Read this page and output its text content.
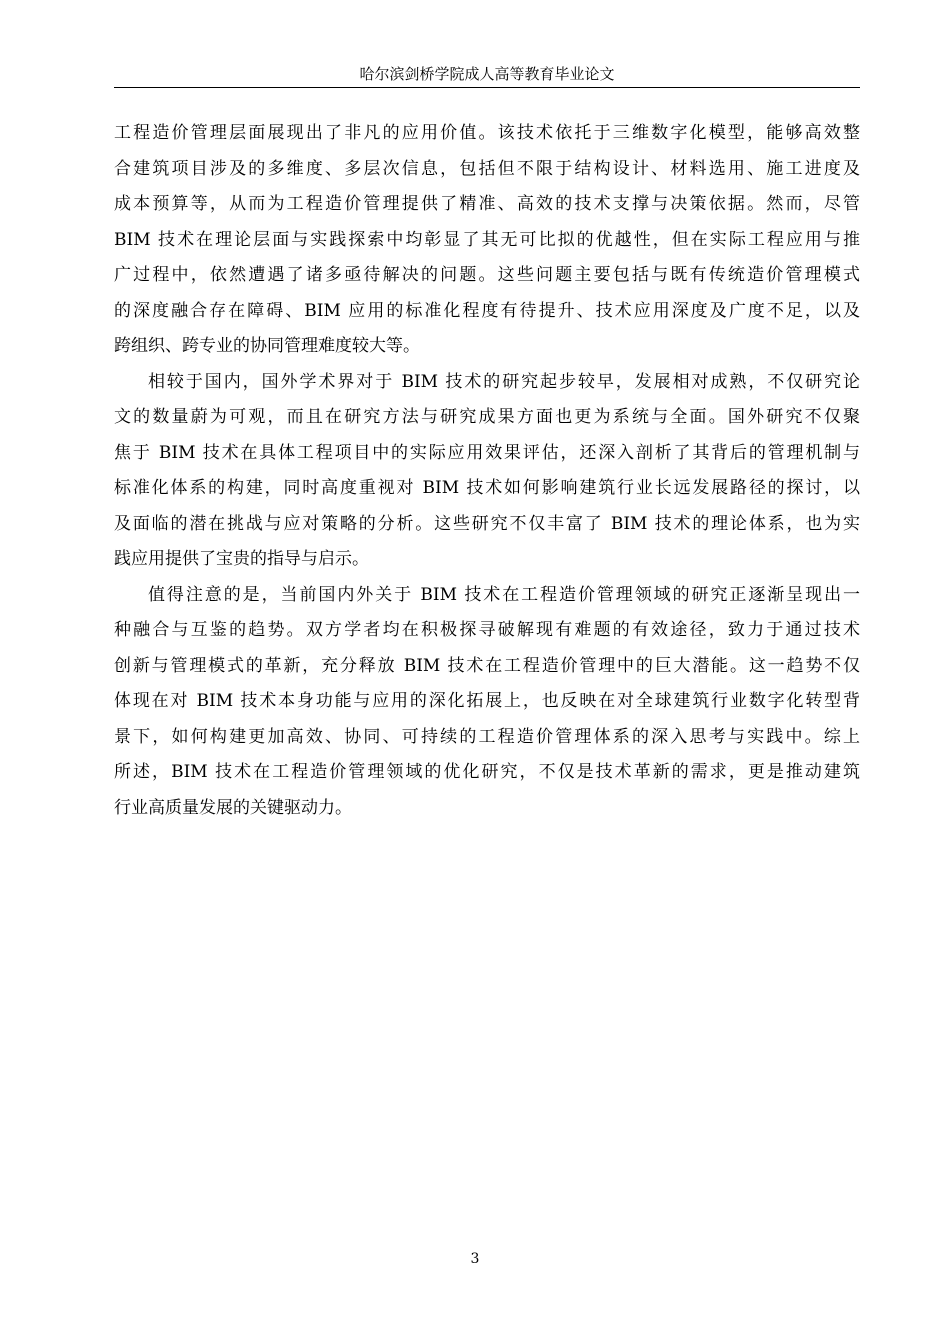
哈尔滨剑桥学院成人高等教育毕业论文
工程造价管理层面展现出了非凡的应用价值。该技术依托于三维数字化模型，能够高效整
合建筑项目涉及的多维度、多层次信息，包括但不限于结构设计、材料选用、施工进度及
成本预算等，从而为工程造价管理提供了精准、高效的技术支撑与决策依据。然而，尽管
BIM 技术在理论层面与实践探索中均彰显了其无可比拟的优越性，但在实际工程应用与推
广过程中，依然遭遇了诸多亟待解决的问题。这些问题主要包括与既有传统造价管理模式
的深度融合存在障碍、BIM 应用的标准化程度有待提升、技术应用深度及广度不足，以及
跨组织、跨专业的协同管理难度较大等。
相较于国内，国外学术界对于 BIM 技术的研究起步较早，发展相对成熟，不仅研究论
文的数量蔚为可观，而且在研究方法与研究成果方面也更为系统与全面。国外研究不仅聚
焦于 BIM 技术在具体工程项目中的实际应用效果评估，还深入剖析了其背后的管理机制与
标准化体系的构建，同时高度重视对 BIM 技术如何影响建筑行业长远发展路径的探讨，以
及面临的潜在挑战与应对策略的分析。这些研究不仅丰富了 BIM 技术的理论体系，也为实
践应用提供了宝贵的指导与启示。
值得注意的是，当前国内外关于 BIM 技术在工程造价管理领域的研究正逐渐呈现出一
种融合与互鉴的趋势。双方学者均在积极探寻破解现有难题的有效途径，致力于通过技术
创新与管理模式的革新，充分释放 BIM 技术在工程造价管理中的巨大潜能。这一趋势不仅
体现在对 BIM 技术本身功能与应用的深化拓展上，也反映在对全球建筑行业数字化转型背
景下，如何构建更加高效、协同、可持续的工程造价管理体系的深入思考与实践中。综上
所述，BIM 技术在工程造价管理领域的优化研究，不仅是技术革新的需求，更是推动建筑
行业高质量发展的关键驱动力。
3
